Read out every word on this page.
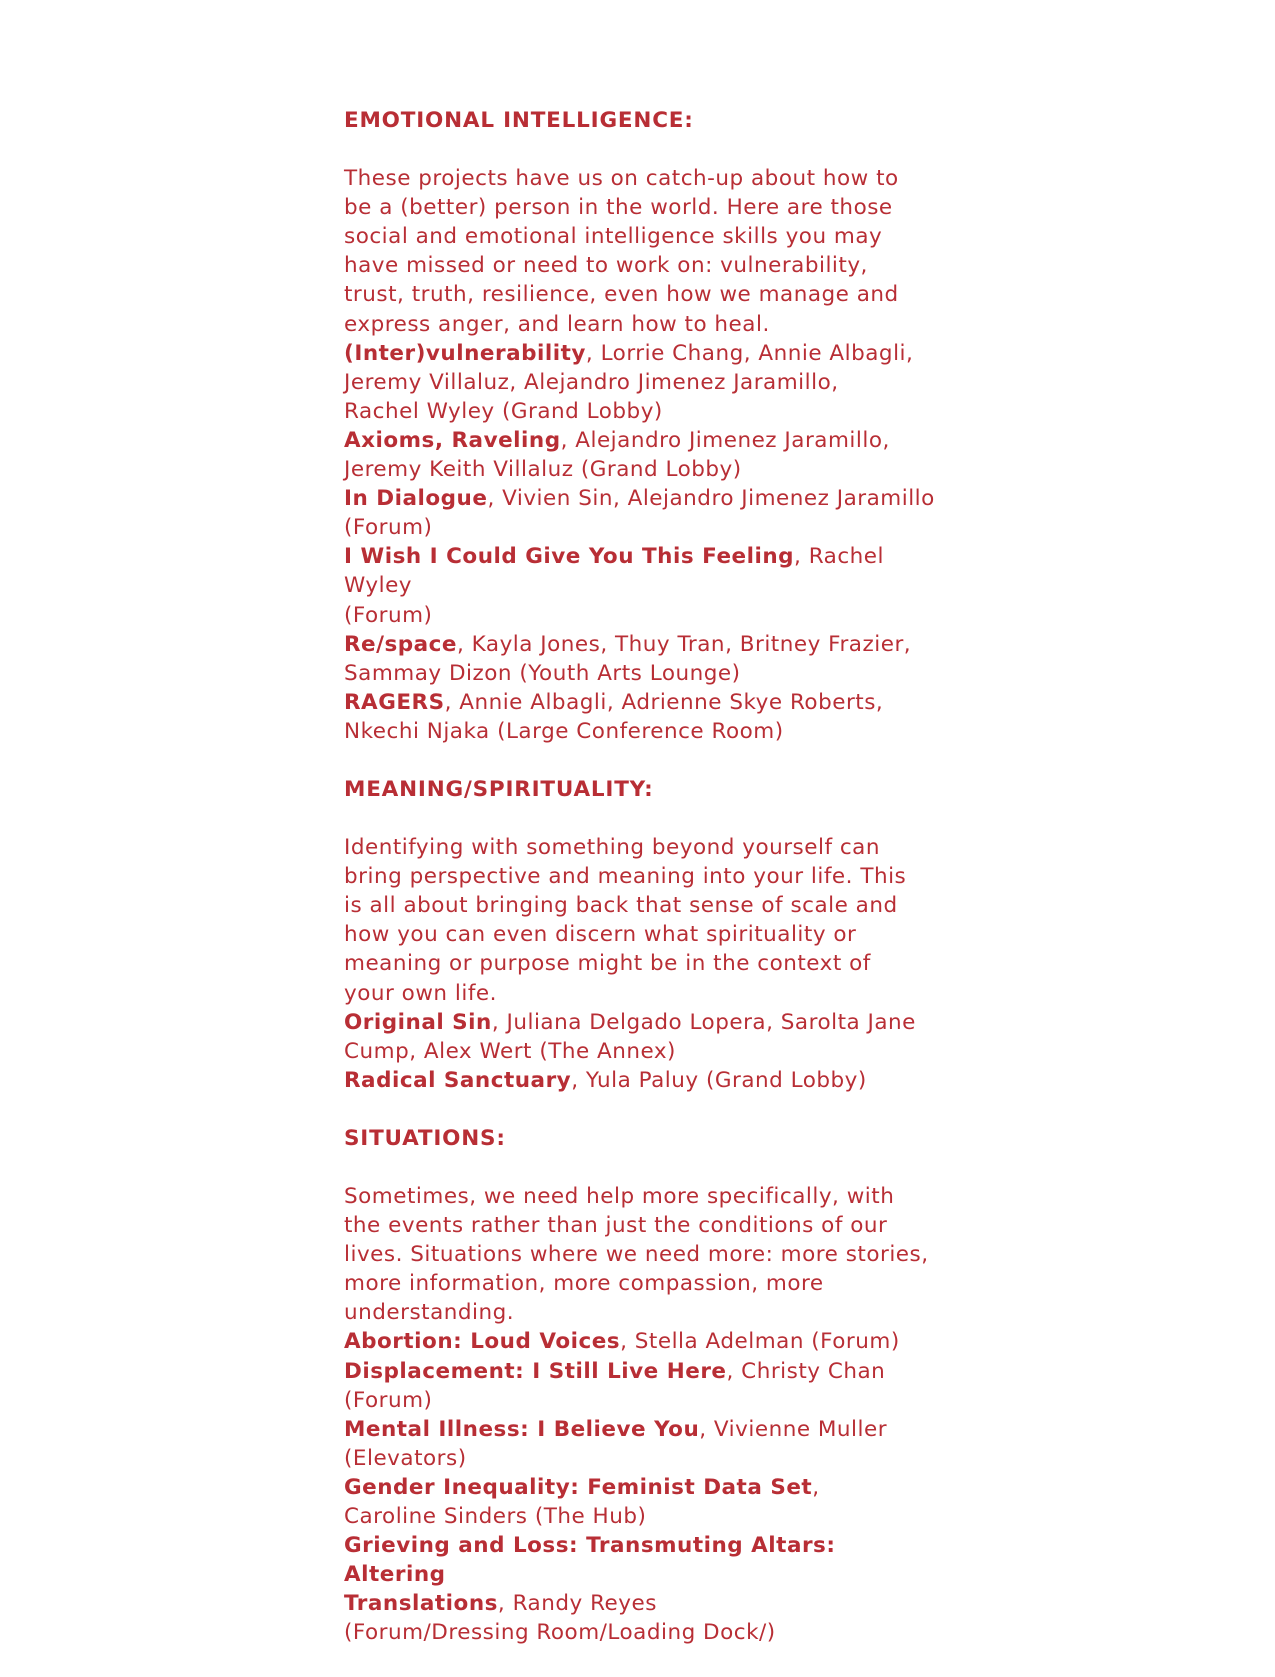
EMOTIONAL INTELLIGENCE:
These projects have us on catch-up about how to
be a (better) person in the world. Here are those
social and emotional intelligence skills you may
have missed or need to work on: vulnerability,
trust, truth, resilience, even how we manage and
express anger, and learn how to heal.
(Inter)vulnerability, Lorrie Chang, Annie Albagli,
Jeremy Villaluz, Alejandro Jimenez Jaramillo,
Rachel Wyley (Grand Lobby)
Axioms, Raveling, Alejandro Jimenez Jaramillo,
Jeremy Keith Villaluz (Grand Lobby)
In Dialogue, Vivien Sin, Alejandro Jimenez Jaramillo
(Forum)
I Wish I Could Give You This Feeling, Rachel Wyley
(Forum)
Re/space, Kayla Jones, Thuy Tran, Britney Frazier,
Sammay Dizon (Youth Arts Lounge)
RAGERS, Annie Albagli, Adrienne Skye Roberts,
Nkechi Njaka (Large Conference Room)
MEANING/SPIRITUALITY:
Identifying with something beyond yourself can
bring perspective and meaning into your life. This
is all about bringing back that sense of scale and
how you can even discern what spirituality or
meaning or purpose might be in the context of
your own life.
Original Sin, Juliana Delgado Lopera, Sarolta Jane
Cump, Alex Wert (The Annex)
Radical Sanctuary, Yula Paluy (Grand Lobby)
SITUATIONS:
Sometimes, we need help more specifically, with
the events rather than just the conditions of our
lives. Situations where we need more: more stories,
more information, more compassion, more
understanding.
Abortion: Loud Voices, Stella Adelman (Forum)
Displacement: I Still Live Here, Christy Chan
(Forum)
Mental Illness: I Believe You, Vivienne Muller
(Elevators)
Gender Inequality: Feminist Data Set,
Caroline Sinders (The Hub)
Grieving and Loss: Transmuting Altars: Altering
Translations, Randy Reyes
(Forum/Dressing Room/Loading Dock/)
